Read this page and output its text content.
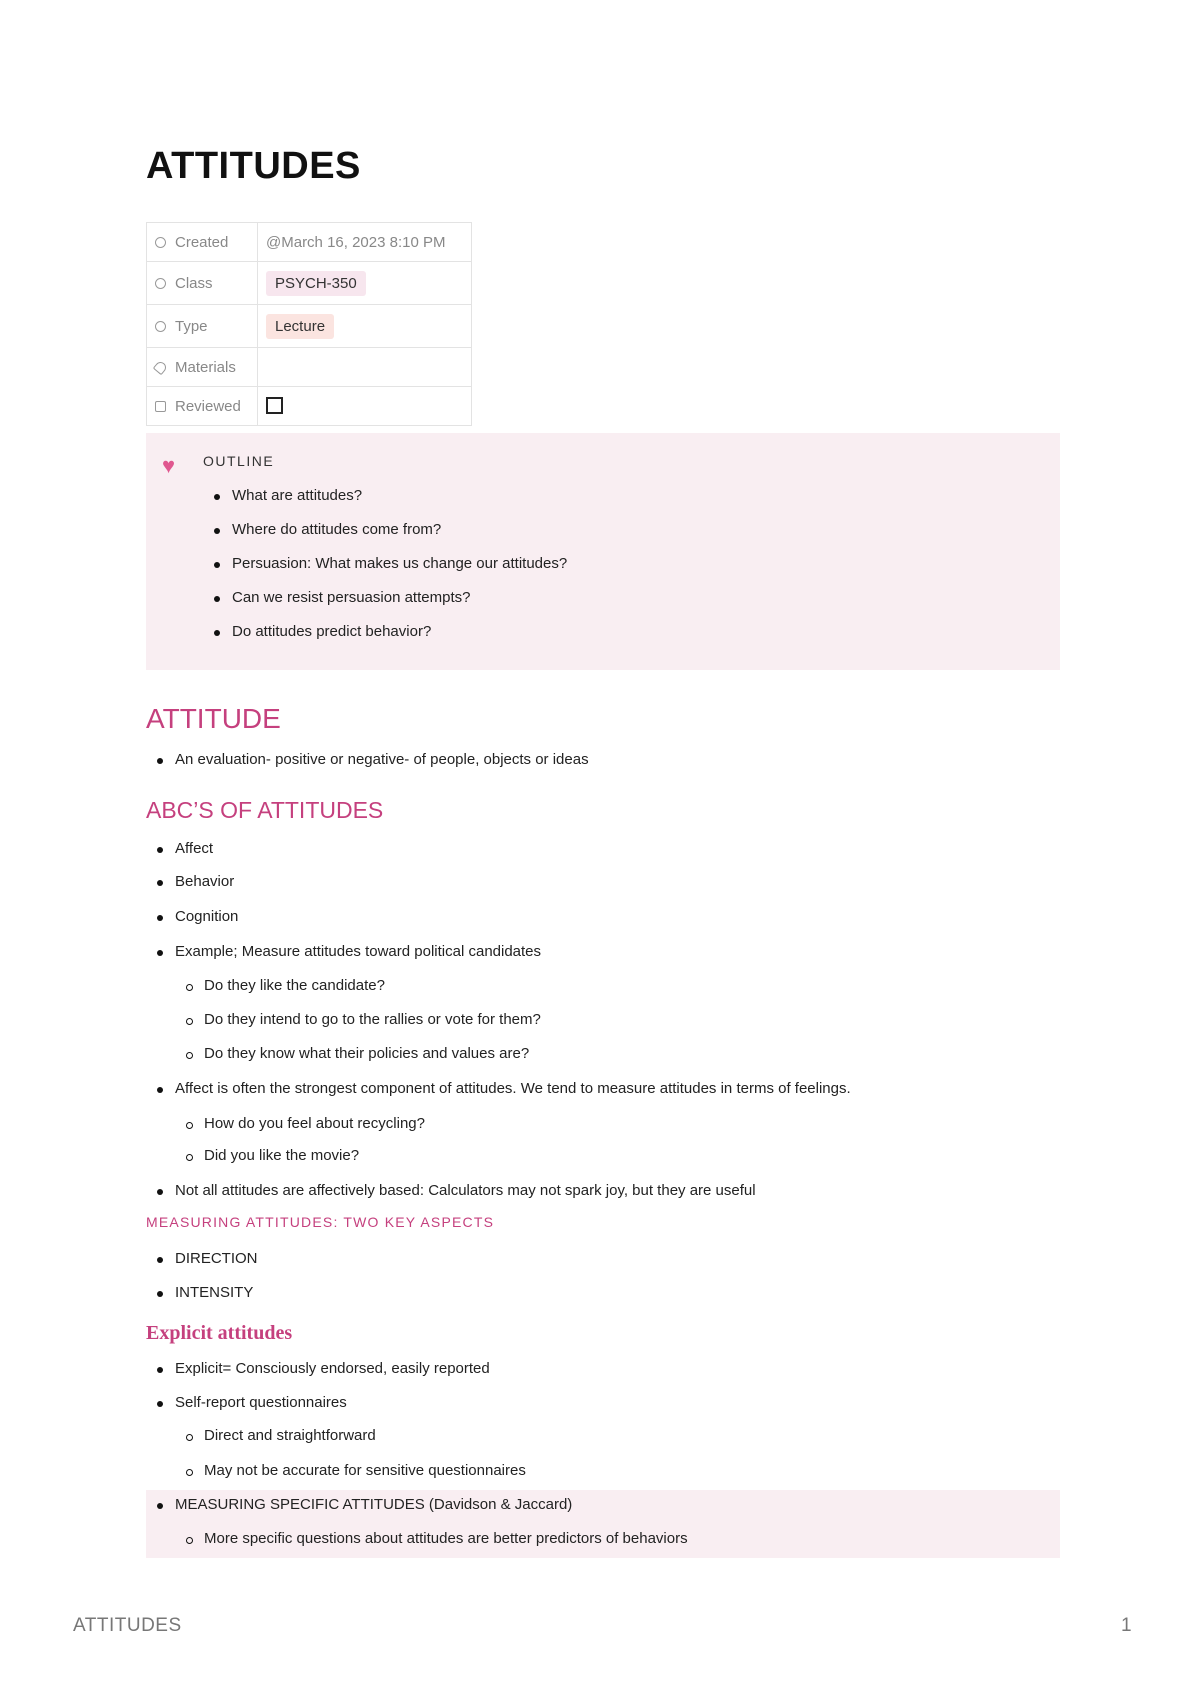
ATTITUDES
Created	@March 16, 2023 8:10 PM
Class	PSYCH-350
Type	Lecture
Materials	
Reviewed	
♥ OUTLINE
What are attitudes?
Where do attitudes come from?
Persuasion: What makes us change our attitudes?
Can we resist persuasion attempts?
Do attitudes predict behavior?
ATTITUDE
An evaluation- positive or negative- of people, objects or ideas
ABC’S OF ATTITUDES
Affect
Behavior
Cognition
Example; Measure attitudes toward political candidates
Do they like the candidate?
Do they intend to go to the rallies or vote for them?
Do they know what their policies and values are?
Affect is often the strongest component of attitudes. We tend to measure attitudes in terms of feelings.
How do you feel about recycling?
Did you like the movie?
Not all attitudes are affectively based: Calculators may not spark joy, but they are useful
MEASURING ATTITUDES: TWO KEY ASPECTS
DIRECTION
INTENSITY
Explicit attitudes
Explicit= Consciously endorsed, easily reported
Self-report questionnaires
Direct and straightforward
May not be accurate for sensitive questionnaires
MEASURING SPECIFIC ATTITUDES (Davidson & Jaccard)
More specific questions about attitudes are better predictors of behaviors
ATTITUDES	1
